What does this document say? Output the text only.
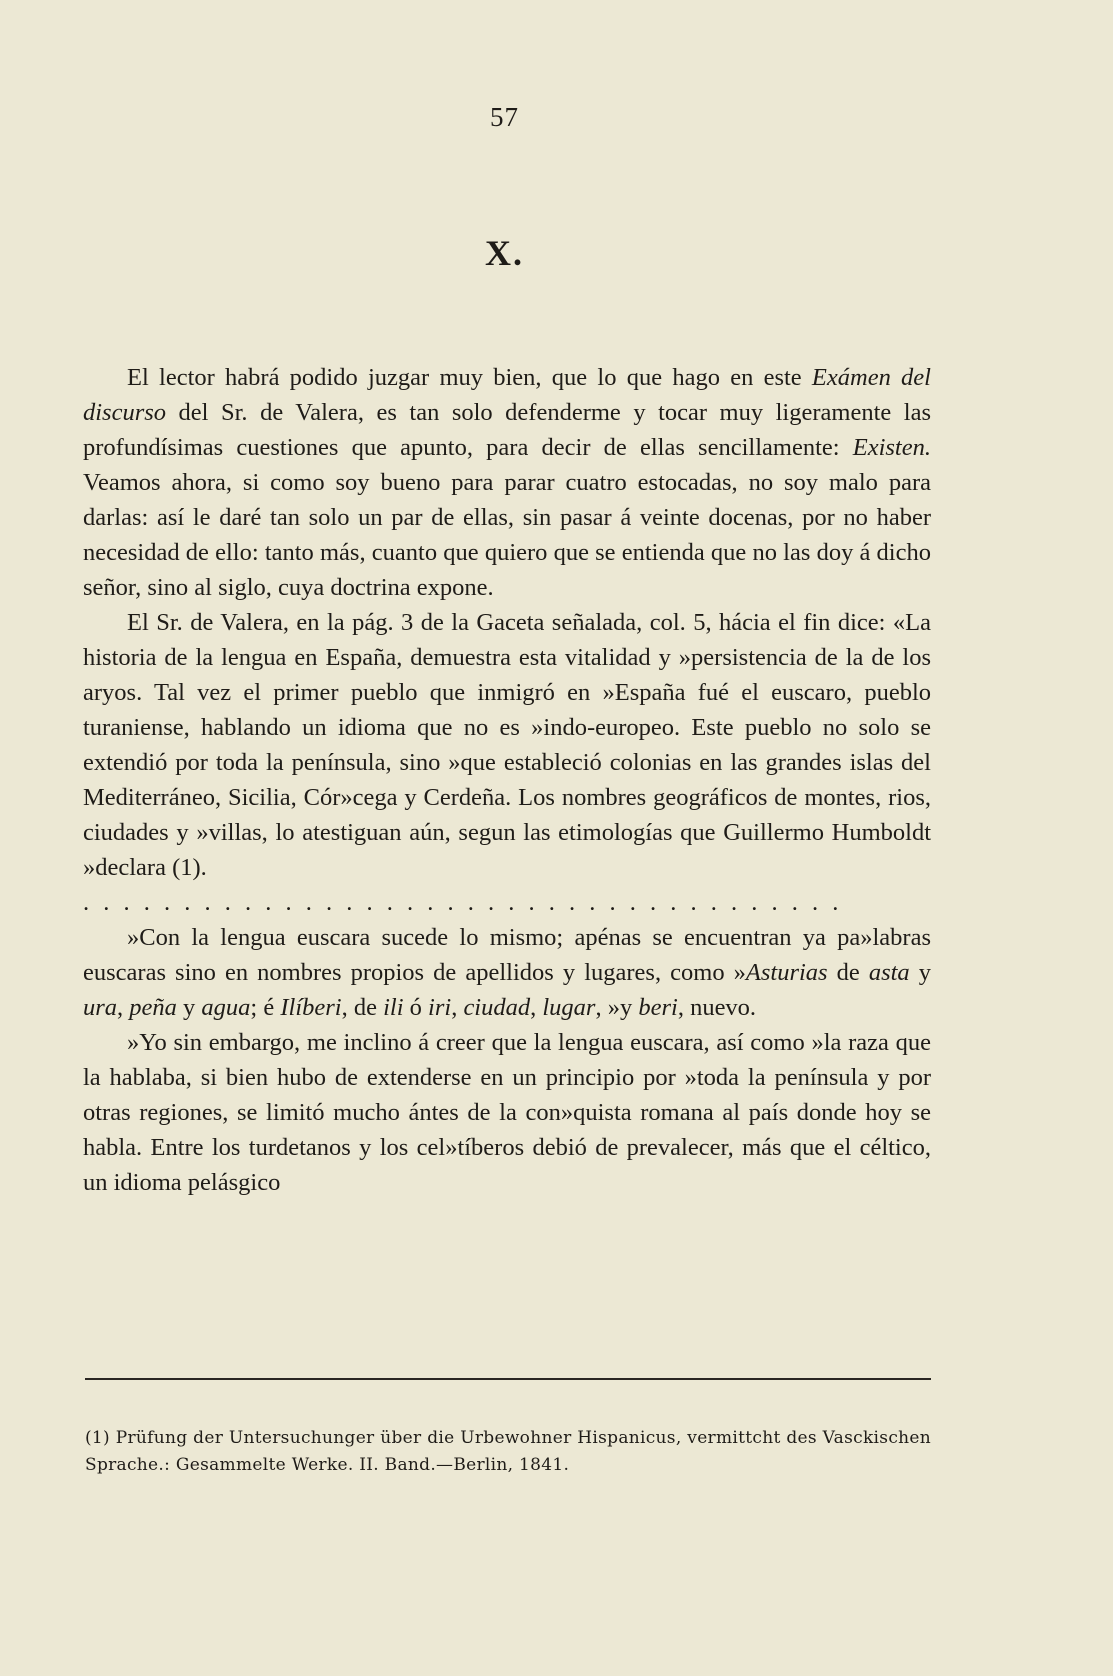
57
X.

El lector habrá podido juzgar muy bien, que lo que hago en este Exámen del discurso del Sr. de Valera, es tan solo defenderme y tocar muy ligeramente las profundísimas cuestiones que apunto, para decir de ellas sencillamente: Existen. Veamos ahora, si como soy bueno para parar cuatro estocadas, no soy malo para darlas: así le daré tan solo un par de ellas, sin pasar á veinte docenas, por no haber necesidad de ello: tanto más, cuanto que quiero que se entienda que no las doy á dicho señor, sino al siglo, cuya doctrina expone.

El Sr. de Valera, en la pág. 3 de la Gaceta señalada, col. 5, hácia el fin dice: «La historia de la lengua en España, demuestra esta vitalidad y »persistencia de la de los aryos. Tal vez el primer pueblo que inmigró en »España fué el euscaro, pueblo turaniense, hablando un idioma que no es »indo-europeo. Este pueblo no solo se extendió por toda la península, sino »que estableció colonias en las grandes islas del Mediterráneo, Sicilia, Cór»cega y Cerdeña. Los nombres geográficos de montes, rios, ciudades y »villas, lo atestiguan aún, segun las etimologías que Guillermo Humboldt »declara (1).

. . . . . . . . . . . . . . . . . . . . . . . . . . . . . . . . . . . . . .

»Con la lengua euscara sucede lo mismo; apénas se encuentran ya pa»labras euscaras sino en nombres propios de apellidos y lugares, como »Asturias de asta y ura, peña y agua; é Ilíberi, de ili ó iri, ciudad, lugar, »y beri, nuevo.

»Yo sin embargo, me inclino á creer que la lengua euscara, así como »la raza que la hablaba, si bien hubo de extenderse en un principio por »toda la península y por otras regiones, se limitó mucho ántes de la con»quista romana al país donde hoy se habla. Entre los turdetanos y los cel»tíberos debió de prevalecer, más que el céltico, un idioma pelásgico

(1) Prüfung der Untersuchunger über die Urbewohner Hispanicus, vermittcht des Vasckischen Sprache.: Gesammelte Werke. II. Band.—Berlin, 1841.
